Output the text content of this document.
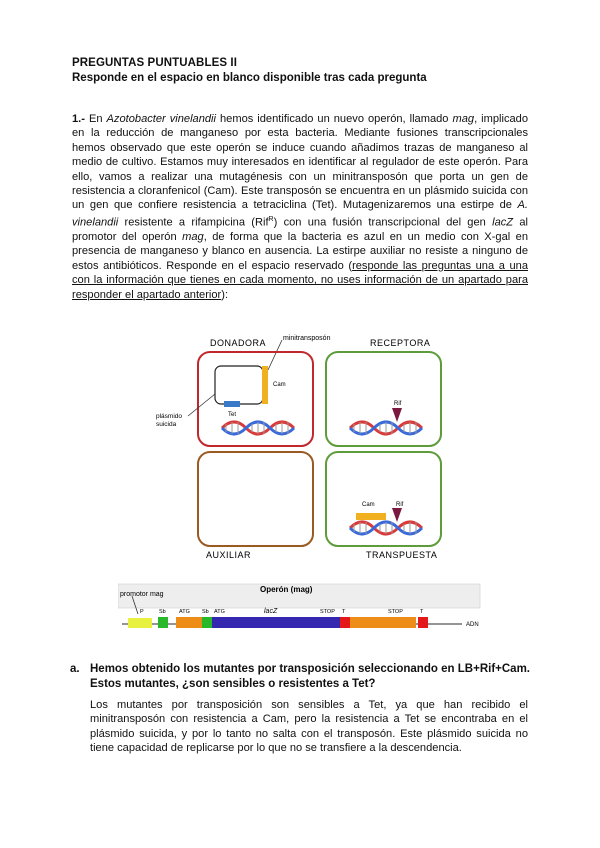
PREGUNTAS PUNTUABLES II
Responde en el espacio en blanco disponible tras cada pregunta
1.- En Azotobacter vinelandii hemos identificado un nuevo operón, llamado mag, implicado en la reducción de manganeso por esta bacteria. Mediante fusiones transcripcionales hemos observado que este operón se induce cuando añadimos trazas de manganeso al medio de cultivo. Estamos muy interesados en identificar al regulador de este operón. Para ello, vamos a realizar una mutagénesis con un minitransposón que porta un gen de resistencia a cloranfenicol (Cam). Este transposón se encuentra en un plásmido suicida con un gen que confiere resistencia a tetraciclina (Tet). Mutagenizaremos una estirpe de A. vinelandii resistente a rifampicina (Rif$^R$) con una fusión transcripcional del gen lacZ al promotor del operón mag, de forma que la bacteria es azul en un medio con X-gal en presencia de manganeso y blanco en ausencia. La estirpe auxiliar no resiste a ninguno de estos antibióticos. Responde en el espacio reservado (responde las preguntas una a una con la información que tienes en cada momento, no uses información de un apartado para responder el apartado anterior):
DONADORA	RECEPTORA
minitransposón
Cam
Tet
plásmido
suicida
Rif
Cam	Rif
AUXILIAR	TRANSPUESTA
Operón (mag)
promotor mag
P	Sb ATG Sb ATG	lacZ	STOP T	STOP	T
ADN
a. Hemos obtenido los mutantes por transposición seleccionando en LB+Rif+Cam. Estos mutantes, ¿son sensibles o resistentes a Tet?
Los mutantes por transposición son sensibles a Tet, ya que han recibido el minitransposón con resistencia a Cam, pero la resistencia a Tet se encontraba en el plásmido suicida, y por lo tanto no salta con el transposón. Este plásmido suicida no tiene capacidad de replicarse por lo que no se transfiere a la descendencia.
